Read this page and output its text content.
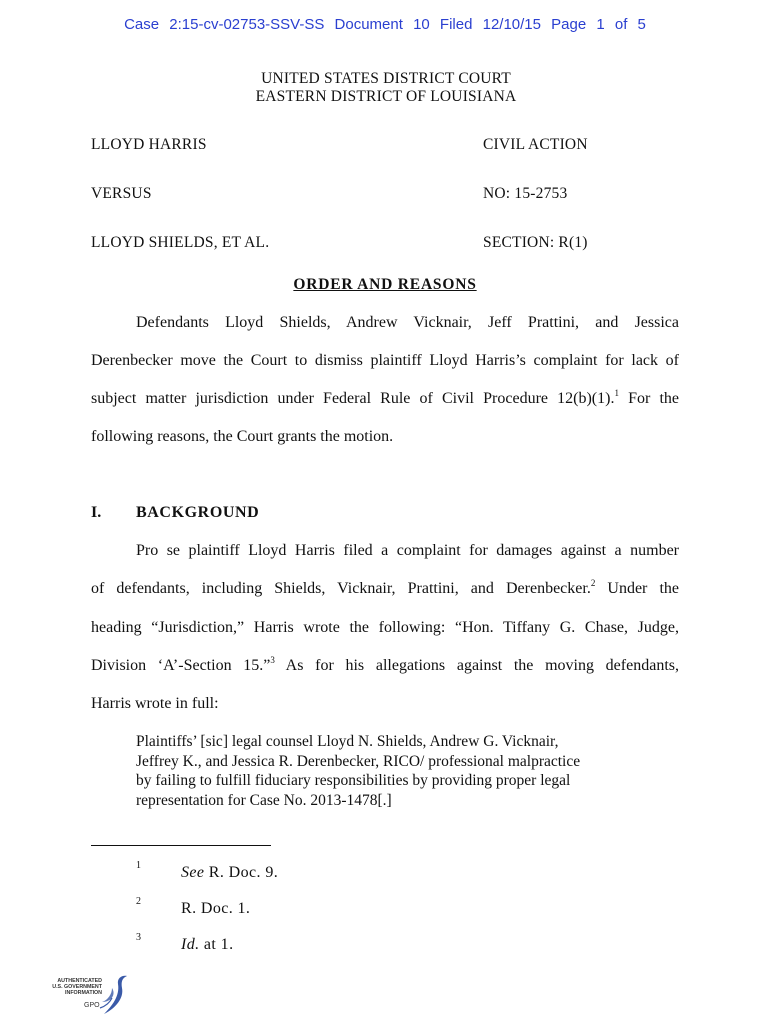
Case 2:15-cv-02753-SSV-SS Document 10 Filed 12/10/15 Page 1 of 5
UNITED STATES DISTRICT COURT
EASTERN DISTRICT OF LOUISIANA
LLOYD HARRIS	CIVIL ACTION
VERSUS	NO: 15-2753
LLOYD SHIELDS, ET AL.	SECTION: R(1)
ORDER AND REASONS
Defendants Lloyd Shields, Andrew Vicknair, Jeff Prattini, and Jessica
Derenbecker move the Court to dismiss plaintiff Lloyd Harris’s complaint for lack of
subject matter jurisdiction under Federal Rule of Civil Procedure 12(b)(1).$^1$ For the
following reasons, the Court grants the motion.
I. BACKGROUND
Pro se plaintiff Lloyd Harris filed a complaint for damages against a number
of defendants, including Shields, Vicknair, Prattini, and Derenbecker.$^2$ Under the
heading “Jurisdiction,” Harris wrote the following: “Hon. Tiffany G. Chase, Judge,
Division ‘A’-Section 15.”$^3$ As for his allegations against the moving defendants,
Harris wrote in full:
Plaintiffs’ [sic] legal counsel Lloyd N. Shields, Andrew G. Vicknair,
Jeffrey K., and Jessica R. Derenbecker, RICO/ professional malpractice
by failing to fulfill fiduciary responsibilities by providing proper legal
representation for Case No. 2013-1478[.]
1	See R. Doc. 9.
2	R. Doc. 1.
3	Id. at 1.
AUTHENTICATED
U.S. GOVERNMENT
INFORMATION
GPO
